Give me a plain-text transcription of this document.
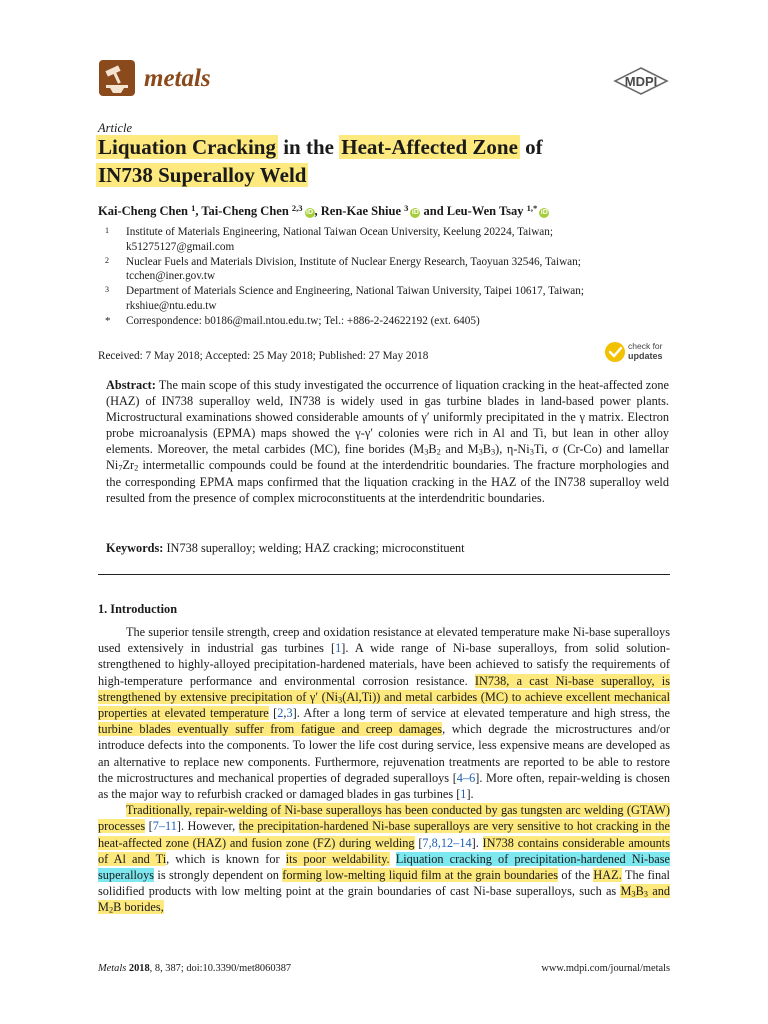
metals	MDPI
Article
Liquation Cracking in the Heat-Affected Zone of
IN738 Superalloy Weld
Kai-Cheng Chen $^1$, Tai-Cheng Chen $^{2,3}$ iD , Ren-Kae Shiue $^3$ iD and Leu-Wen Tsay $^{1,*}$ iD
1 Institute of Materials Engineering, National Taiwan Ocean University, Keelung 20224, Taiwan;
k51275127@gmail.com
2 Nuclear Fuels and Materials Division, Institute of Nuclear Energy Research, Taoyuan 32546, Taiwan;
tcchen@iner.gov.tw
3 Department of Materials Science and Engineering, National Taiwan University, Taipei 10617, Taiwan;
rkshiue@ntu.edu.tw
* Correspondence: b0186@mail.ntou.edu.tw; Tel.: +886-2-24622192 (ext. 6405)
Received: 7 May 2018; Accepted: 25 May 2018; Published: 27 May 2018
check for
updates
Abstract: The main scope of this study investigated the occurrence of liquation cracking in the heat-affected zone (HAZ) of IN738 superalloy weld, IN738 is widely used in gas turbine blades in land-based power plants. Microstructural examinations showed considerable amounts of γ′ uniformly precipitated in the γ matrix. Electron probe microanalysis (EPMA) maps showed the γ-γ′ colonies were rich in Al and Ti, but lean in other alloy elements. Moreover, the metal carbides (MC), fine borides ($M_3B_2$ and $M_3B_3$), $\eta-Ni_3Ti$, σ (Cr-Co) and lamellar $Ni_7Zr_2$ intermetallic compounds could be found at the interdendritic boundaries. The fracture morphologies and the corresponding EPMA maps confirmed that the liquation cracking in the HAZ of the IN738 superalloy weld resulted from the presence of complex microconstituents at the interdendritic boundaries.
Keywords: IN738 superalloy; welding; HAZ cracking; microconstituent
1. Introduction

The superior tensile strength, creep and oxidation resistance at elevated temperature make Ni-base superalloys used extensively in industrial gas turbines [1]. A wide range of Ni-base superalloys, from solid solution-strengthened to highly-alloyed precipitation-hardened materials, have been achieved to satisfy the requirements of high-temperature performance and environmental corrosion resistance. IN738, a cast Ni-base superalloy, is strengthened by extensive precipitation of γ′ $(Ni_3(Al,Ti))$ and metal carbides (MC) to achieve excellent mechanical properties at elevated temperature [2,3]. After a long term of service at elevated temperature and high stress, the turbine blades eventually suffer from fatigue and creep damages, which degrade the microstructures and/or introduce defects into the components. To lower the life cost during service, less expensive means are developed as an alternative to replace new components. Furthermore, rejuvenation treatments are reported to be able to restore the microstructures and mechanical properties of degraded superalloys [4–6]. More often, repair-welding is chosen as the major way to refurbish cracked or damaged blades in gas turbines [1].

Traditionally, repair-welding of Ni-base superalloys has been conducted by gas tungsten arc welding (GTAW) processes [7–11]. However, the precipitation-hardened Ni-base superalloys are very sensitive to hot cracking in the heat-affected zone (HAZ) and fusion zone (FZ) during welding [7,8,12–14]. IN738 contains considerable amounts of Al and Ti, which is known for its poor weldability. Liquation cracking of precipitation-hardened Ni-base superalloys is strongly dependent on forming low-melting liquid film at the grain boundaries of the HAZ. The final solidified products with low melting point at the grain boundaries of cast Ni-base superalloys, such as $M_3B_3$ and $M_2B$ borides,

Metals 2018, 8, 387; doi:10.3390/met8060387	www.mdpi.com/journal/metals
